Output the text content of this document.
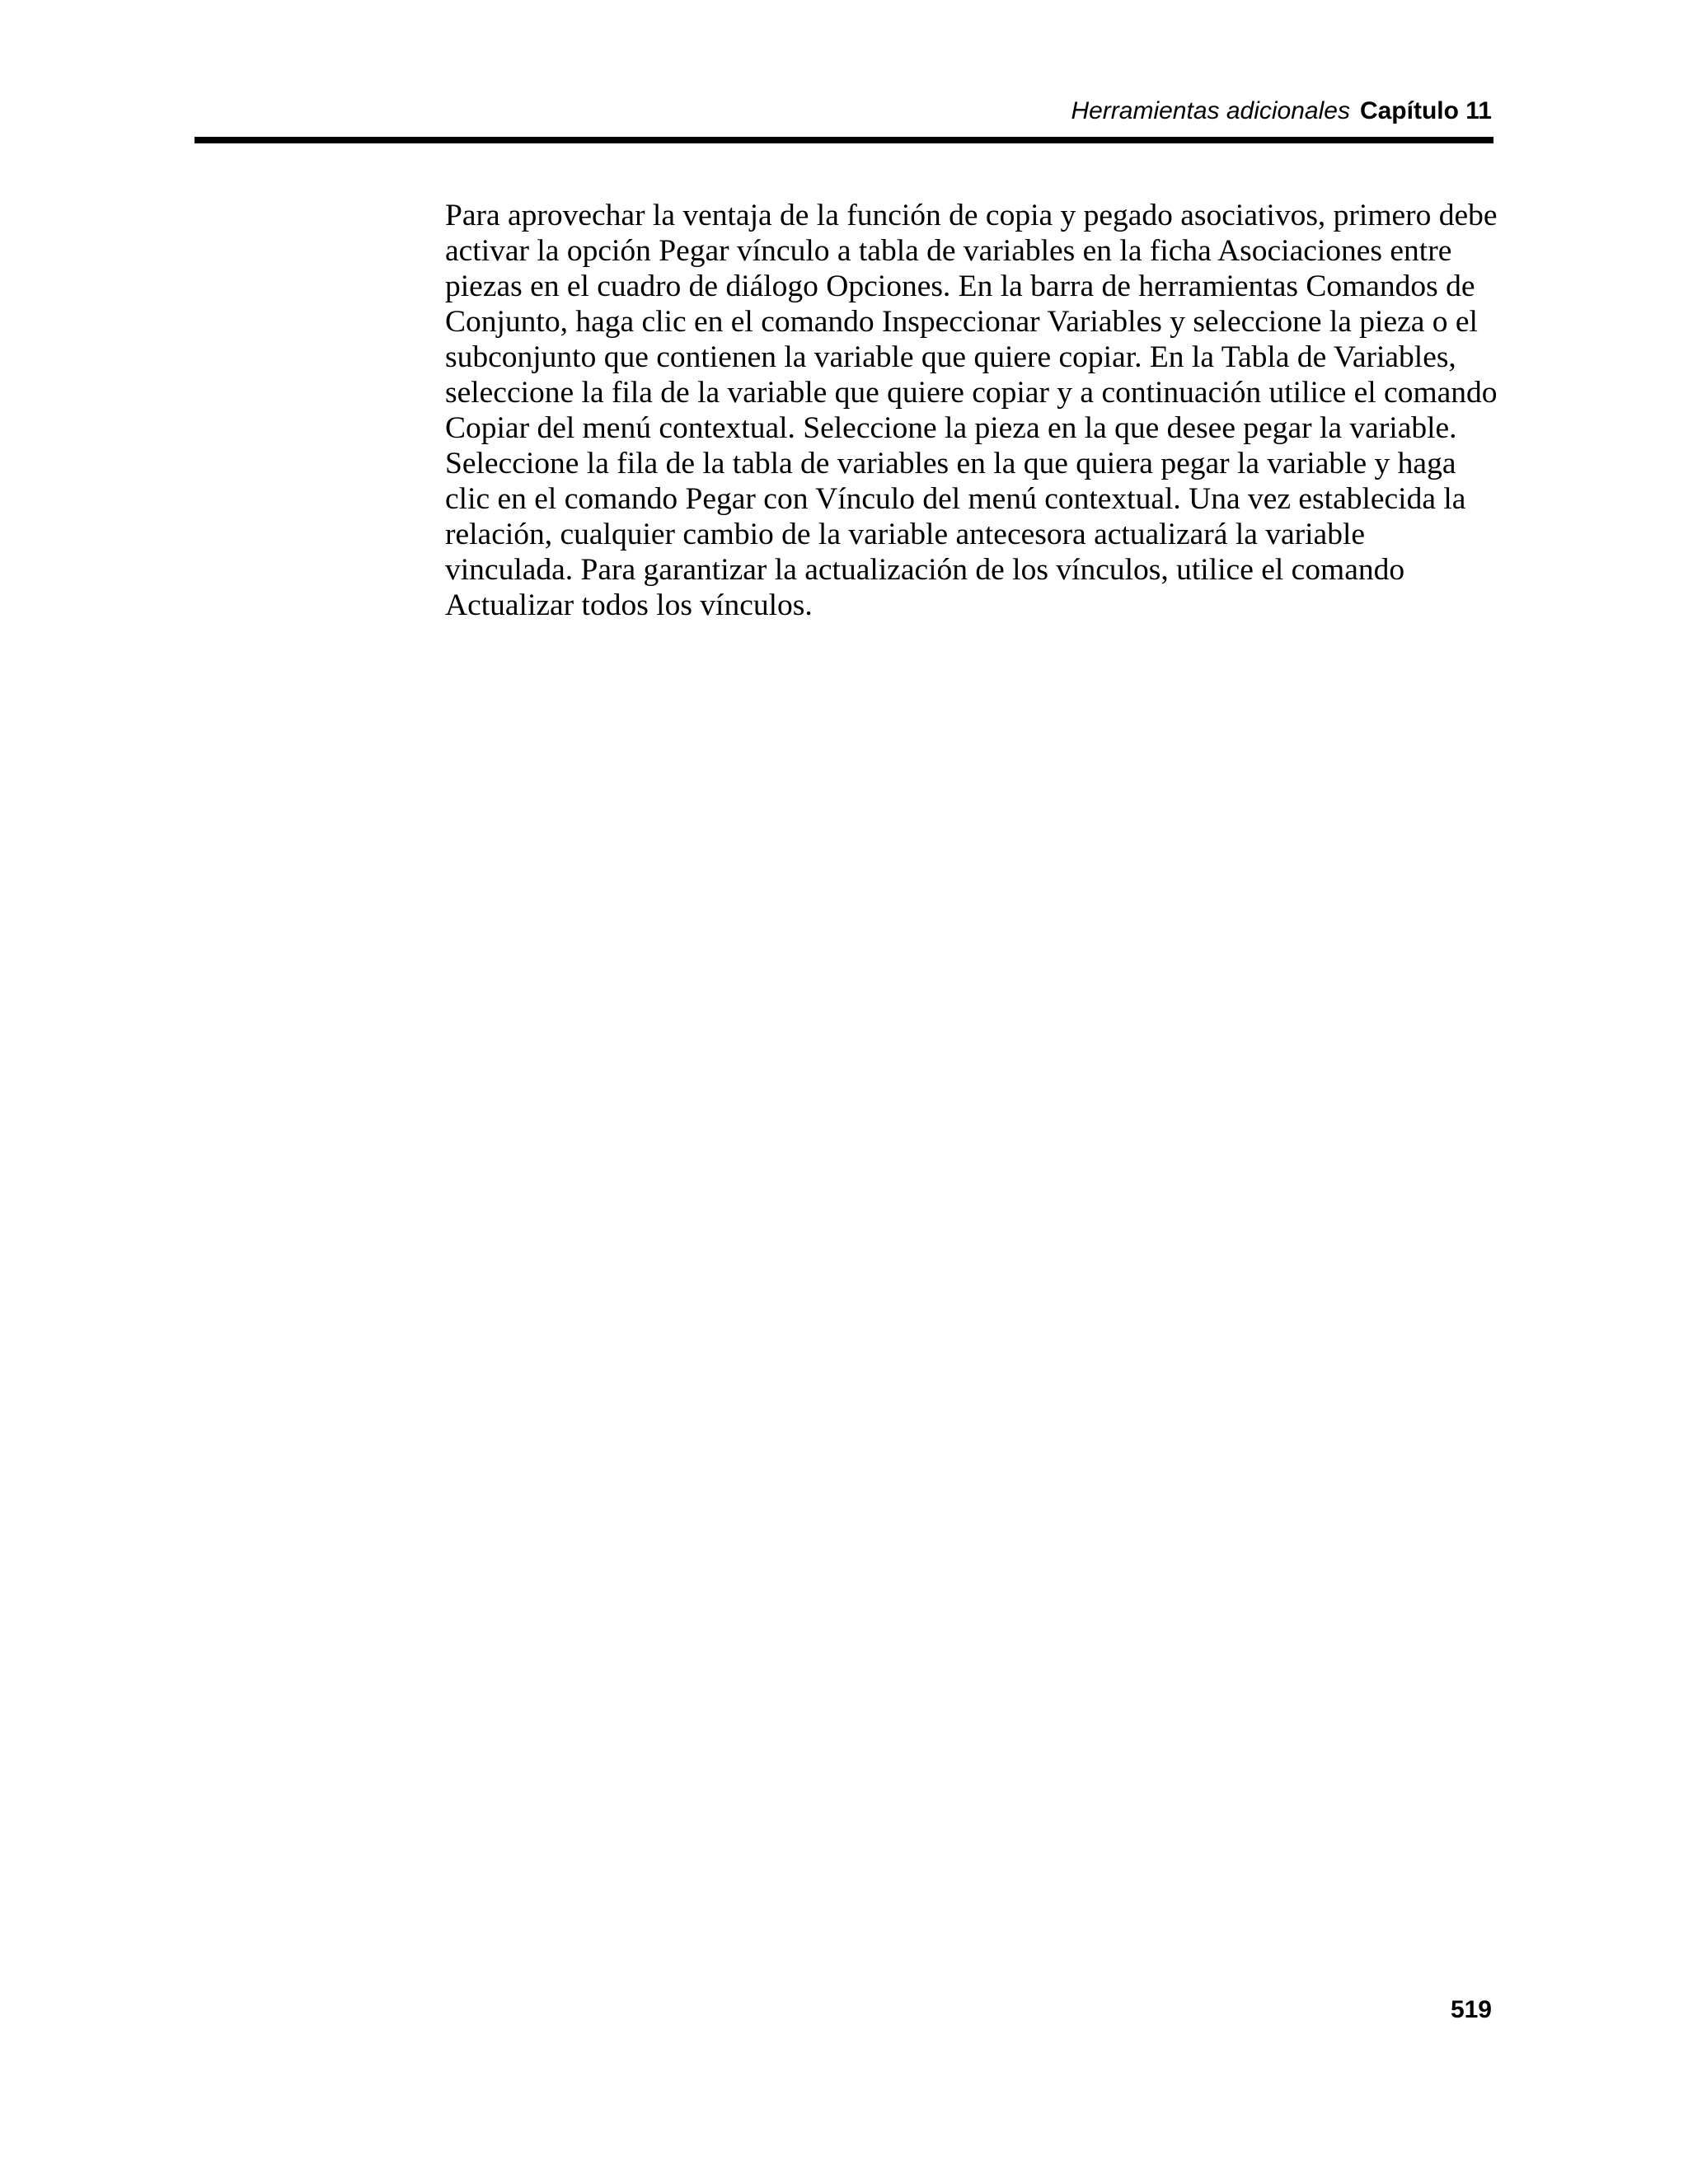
Herramientas adicionales Capítulo 11
Para aprovechar la ventaja de la función de copia y pegado asociativos, primero debe
activar la opción Pegar vínculo a tabla de variables en la ficha Asociaciones entre
piezas en el cuadro de diálogo Opciones. En la barra de herramientas Comandos de
Conjunto, haga clic en el comando Inspeccionar Variables y seleccione la pieza o el
subconjunto que contienen la variable que quiere copiar. En la Tabla de Variables,
seleccione la fila de la variable que quiere copiar y a continuación utilice el comando
Copiar del menú contextual. Seleccione la pieza en la que desee pegar la variable.
Seleccione la fila de la tabla de variables en la que quiera pegar la variable y haga
clic en el comando Pegar con Vínculo del menú contextual. Una vez establecida la
relación, cualquier cambio de la variable antecesora actualizará la variable
vinculada. Para garantizar la actualización de los vínculos, utilice el comando
Actualizar todos los vínculos.
519
